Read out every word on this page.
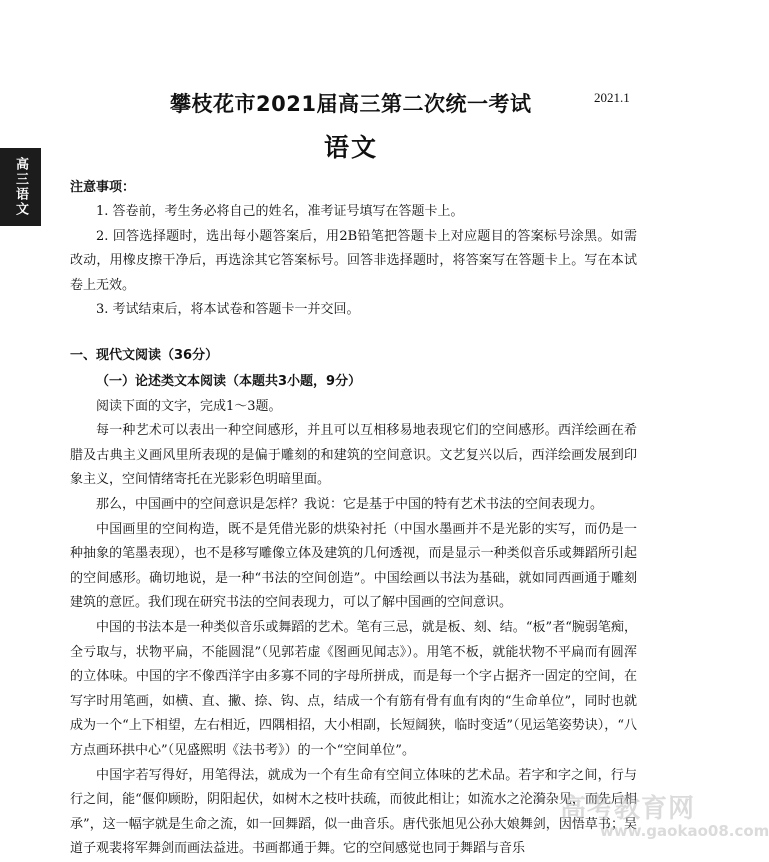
高三语文
攀枝花市2021届高三第二次统一考试	2021.1
语文
注意事项：
1. 答卷前，考生务必将自己的姓名，准考证号填写在答题卡上。
2. 回答选择题时，选出每小题答案后，用2B铅笔把答题卡上对应题目的答案标号涂黑。如需改动，用橡皮擦干净后，再选涂其它答案标号。回答非选择题时，将答案写在答题卡上。写在本试卷上无效。
3. 考试结束后，将本试卷和答题卡一并交回。
一、现代文阅读（36分）
（一）论述类文本阅读（本题共3小题，9分）
阅读下面的文字，完成1～3题。
每一种艺术可以表出一种空间感形，并且可以互相移易地表现它们的空间感形。西洋绘画在希腊及古典主义画风里所表现的是偏于雕刻的和建筑的空间意识。文艺复兴以后，西洋绘画发展到印象主义，空间情绪寄托在光影彩色明暗里面。
那么，中国画中的空间意识是怎样？我说：它是基于中国的特有艺术书法的空间表现力。
中国画里的空间构造，既不是凭借光影的烘染衬托（中国水墨画并不是光影的实写，而仍是一种抽象的笔墨表现），也不是移写雕像立体及建筑的几何透视，而是显示一种类似音乐或舞蹈所引起的空间感形。确切地说，是一种“书法的空间创造”。中国绘画以书法为基础，就如同西画通于雕刻建筑的意匠。我们现在研究书法的空间表现力，可以了解中国画的空间意识。
中国的书法本是一种类似音乐或舞蹈的艺术。笔有三忌，就是板、刻、结。“板”者“腕弱笔痴，全亏取与，状物平扁，不能圆混”（见郭若虚《图画见闻志》）。用笔不板，就能状物不平扁而有圆浑的立体味。中国的字不像西洋字由多寡不同的字母所拼成，而是每一个字占据齐一固定的空间，在写字时用笔画，如横、直、撇、捺、钩、点，结成一个有筋有骨有血有肉的“生命单位”，同时也就成为一个“上下相望，左右相近，四隅相招，大小相副，长短阔狭，临时变适”（见运笔姿势诀），“八方点画环拱中心”（见盛熙明《法书考》）的一个“空间单位”。
中国字若写得好，用笔得法，就成为一个有生命有空间立体味的艺术品。若字和字之间，行与行之间，能“偃仰顾盼，阴阳起伏，如树木之枝叶扶疏，而彼此相让；如流水之沦漪杂见，而先后相承”，这一幅字就是生命之流，如一回舞蹈，似一曲音乐。唐代张旭见公孙大娘舞剑，因悟草书；吴道子观裴将军舞剑而画法益进。书画都通于舞。它的空间感觉也同于舞蹈与音乐
高考教育网
www.gaokao08.com
